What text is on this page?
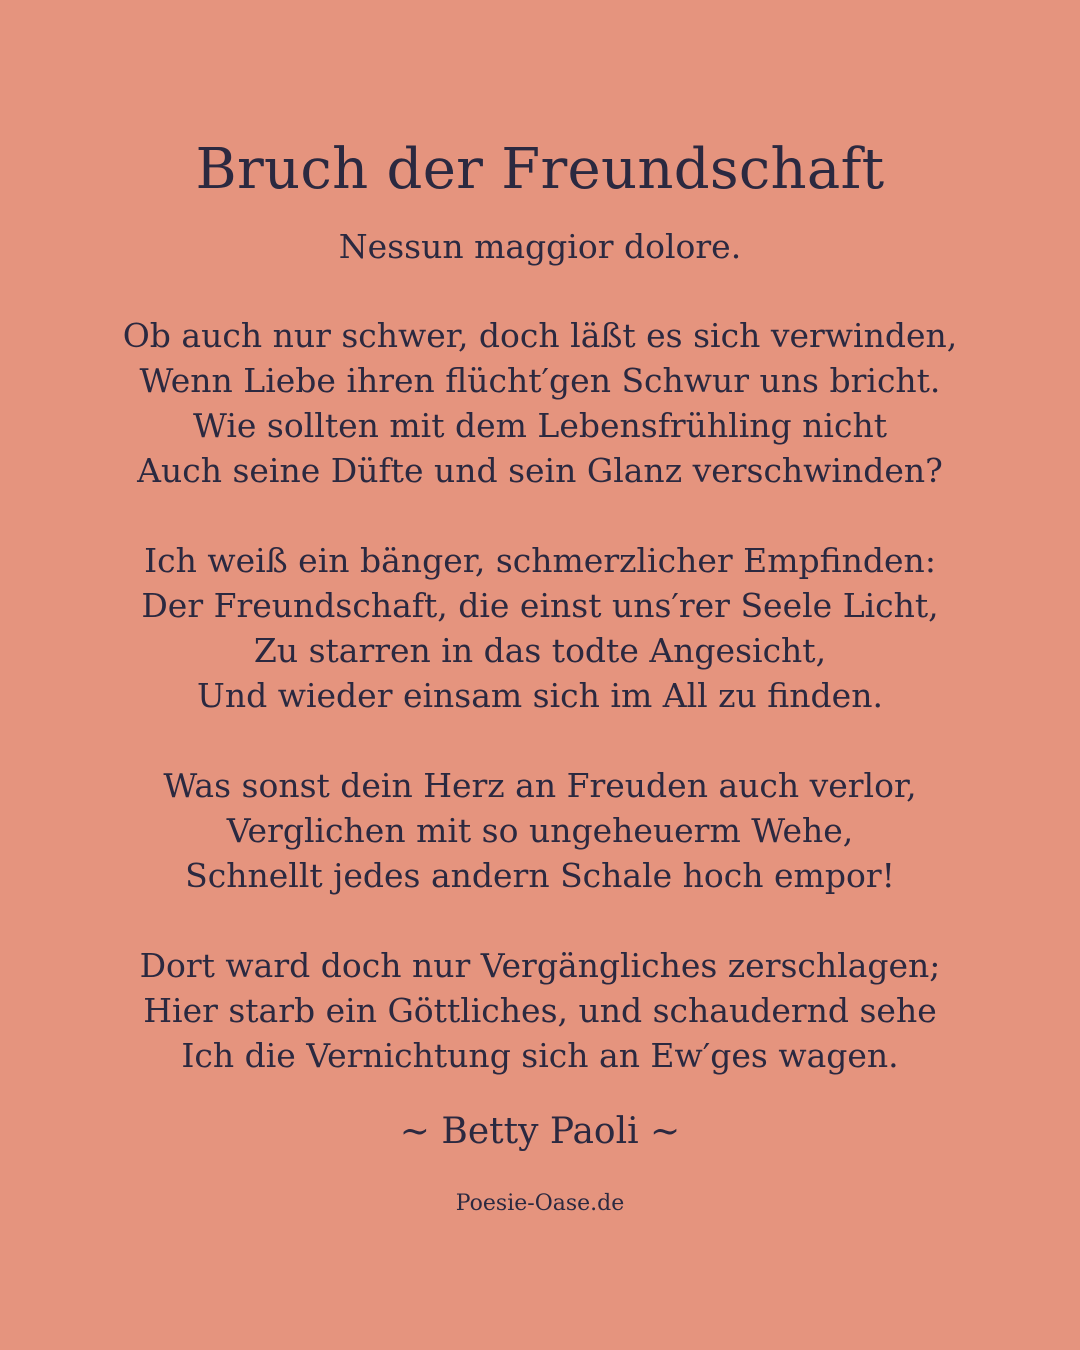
Bruch der Freundschaft
Nessun maggior dolore.
Ob auch nur schwer, doch läßt es sich verwinden,
Wenn Liebe ihren flücht′gen Schwur uns bricht.
Wie sollten mit dem Lebensfrühling nicht
Auch seine Düfte und sein Glanz verschwinden?
Ich weiß ein bänger, schmerzlicher Empfinden:
Der Freundschaft, die einst uns′rer Seele Licht,
Zu starren in das todte Angesicht,
Und wieder einsam sich im All zu finden.
Was sonst dein Herz an Freuden auch verlor,
Verglichen mit so ungeheuerm Wehe,
Schnellt jedes andern Schale hoch empor!
Dort ward doch nur Vergängliches zerschlagen;
Hier starb ein Göttliches, und schaudernd sehe
Ich die Vernichtung sich an Ew′ges wagen.
~ Betty Paoli ~
Poesie-Oase.de
